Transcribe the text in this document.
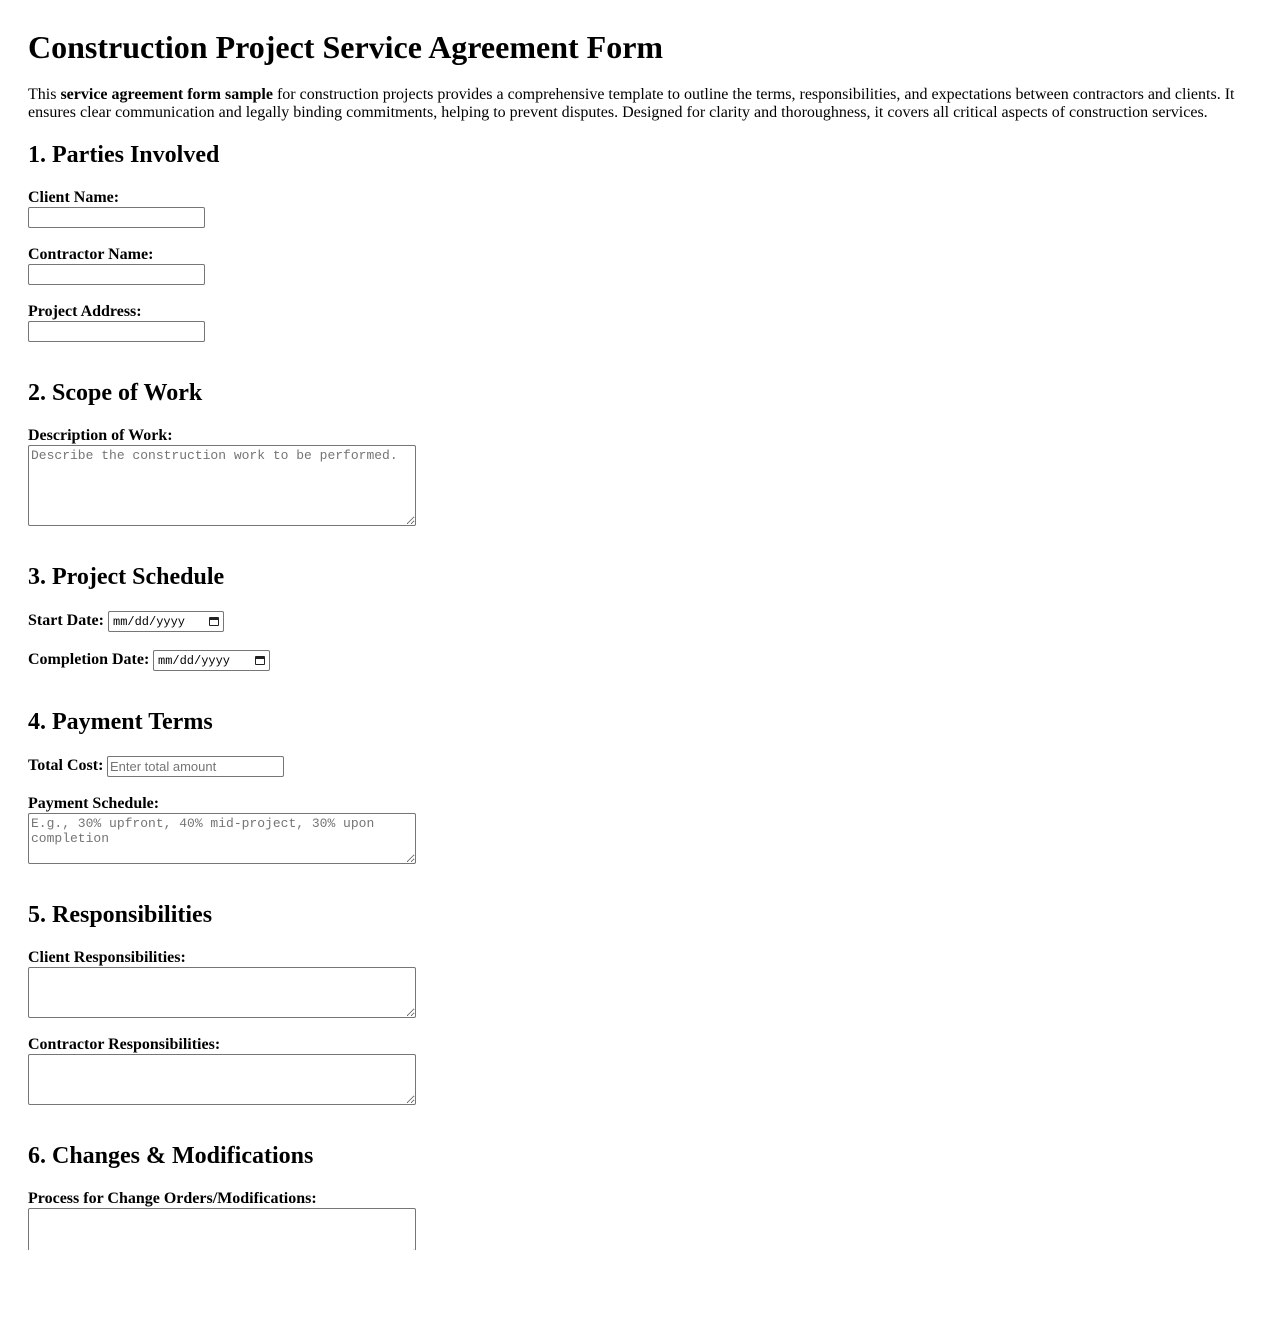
Construction Project Service Agreement Form

This service agreement form sample for construction projects provides a comprehensive template to outline the terms, responsibilities, and expectations between contractors and clients. It ensures clear communication and legally binding commitments, helping to prevent disputes. Designed for clarity and thoroughness, it covers all critical aspects of construction services.

1. Parties Involved
Client Name:
Contractor Name:
Project Address:
2. Scope of Work
Description of Work:
Describe the construction work to be performed.
3. Project Schedule
Start Date: mm/dd/yyyy
Completion Date: mm/dd/yyyy
4. Payment Terms
Total Cost:
Enter total amount
Payment Schedule:
E.g., 30% upfront, 40% mid-project, 30% upon completion
5. Responsibilities
Client Responsibilities:
Contractor Responsibilities:
6. Changes & Modifications
Process for Change Orders/Modifications:
